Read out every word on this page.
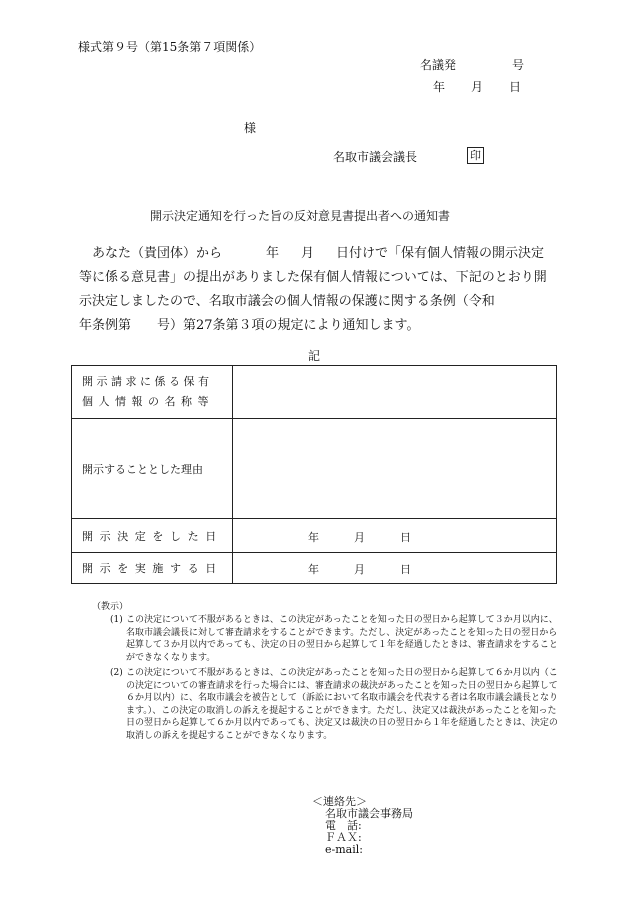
様式第９号（第15条第７項関係）
名議発	号
年 月 日
様
名取市議会議長	印
開示決定通知を行った旨の反対意見書提出者への通知書
あなた（貴団体）から	年 月 日付けで「保有個人情報の開示決定等に係る意見書」の提出がありました保有個人情報については、下記のとおり開示決定しましたので、名取市議会の個人情報の保護に関する条例（令和
年条例第 号）第27条第３項の規定により通知します。
記
開示請求に係る保有
個人情報の名称等	

開示することとした理由	

開示決定をした日	年 月 日

開示を実施する日	年 月 日
（教示）
(1) この決定について不服があるときは、この決定があったことを知った日の翌日から起算して３か月以内に、名取市議会議長に対して審査請求をすることができます。ただし、決定があったことを知った日の翌日から起算して３か月以内であっても、決定の日の翌日から起算して１年を経過したときは、審査請求をすることができなくなります。
(2) この決定について不服があるときは、この決定があったことを知った日の翌日から起算して６か月以内（この決定についての審査請求を行った場合には、審査請求の裁決があったことを知った日の翌日から起算して６か月以内）に、名取市議会を被告として（訴訟において名取市議会を代表する者は名取市議会議長となります。）、この決定の取消しの訴えを提起することができます。ただし、決定又は裁決があったことを知った日の翌日から起算して６か月以内であっても、決定又は裁決の日の翌日から１年を経過したときは、決定の取消しの訴えを提起することができなくなります。
＜連絡先＞
名取市議会事務局
電　話:
ＦＡＸ:
e-mail:
